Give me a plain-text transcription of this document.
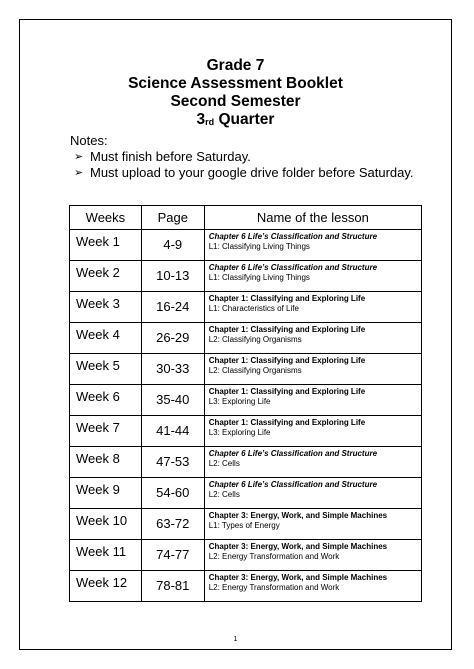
Grade 7
Science Assessment Booklet
Second Semester
$3_{rd}$ Quarter
Notes:
➢ Must finish before Saturday.
➢ Must upload to your google drive folder before Saturday.
Weeks	Page	Name of the lesson
Week 1	4-9	Chapter 6 Life’s Classification and Structure
L1: Classifying Living Things

Week 2	10-13	Chapter 6 Life’s Classification and Structure
L1: Classifying Living Things

Week 3	16-24	Chapter 1: Classifying and Exploring Life
L1: Characteristics of Life

Week 4	26-29	Chapter 1: Classifying and Exploring Life
L2: Classifying Organisms

Week 5	30-33	Chapter 1: Classifying and Exploring Life
L2: Classifying Organisms

Week 6	35-40	Chapter 1: Classifying and Exploring Life
L3: Exploring Life

Week 7	41-44	Chapter 1: Classifying and Exploring Life
L3: Exploring Life

Week 8	47-53	Chapter 6 Life’s Classification and Structure
L2: Cells

Week 9	54-60	Chapter 6 Life’s Classification and Structure
L2: Cells

Week 10	63-72	Chapter 3: Energy, Work, and Simple Machines
L1: Types of Energy

Week 11	74-77	Chapter 3: Energy, Work, and Simple Machines
L2: Energy Transformation and Work

Week 12	78-81	Chapter 3: Energy, Work, and Simple Machines
L2: Energy Transformation and Work
1
